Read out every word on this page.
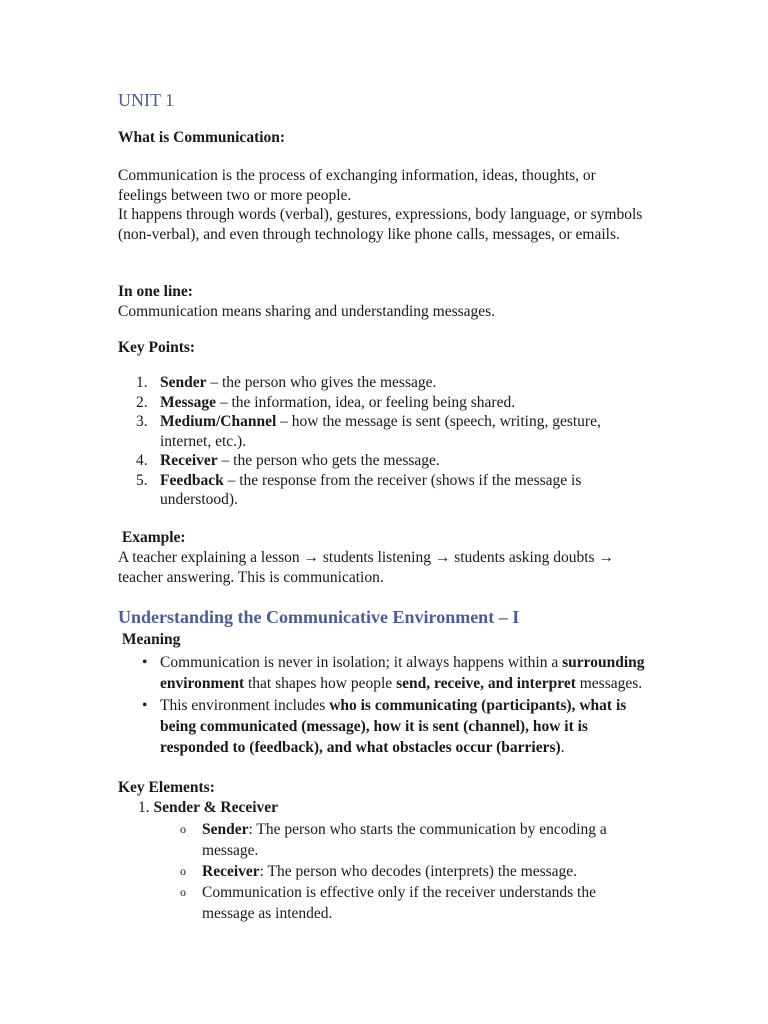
UNIT 1
What is Communication:

Communication is the process of exchanging information, ideas, thoughts, or feelings between two or more people.

It happens through words (verbal), gestures, expressions, body language, or symbols (non-verbal), and even through technology like phone calls, messages, or emails.

In one line:
Communication means sharing and understanding messages.
Key Points:
1. Sender – the person who gives the message.
2. Message – the information, idea, or feeling being shared.
3. Medium/Channel – how the message is sent (speech, writing, gesture, internet, etc.).
4. Receiver – the person who gets the message.
5. Feedback – the response from the receiver (shows if the message is understood).
Example:

A teacher explaining a lesson → students listening → students asking doubts → teacher answering. This is communication.

Understanding the Communicative Environment – I
Meaning
• Communication is never in isolation; it always happens within a surrounding environment that shapes how people send, receive, and interpret messages.
• This environment includes who is communicating (participants), what is being communicated (message), how it is sent (channel), how it is responded to (feedback), and what obstacles occur (barriers).
Key Elements:
1. Sender & Receiver
o Sender: The person who starts the communication by encoding a message.
o Receiver: The person who decodes (interprets) the message.
o Communication is effective only if the receiver understands the message as intended.
